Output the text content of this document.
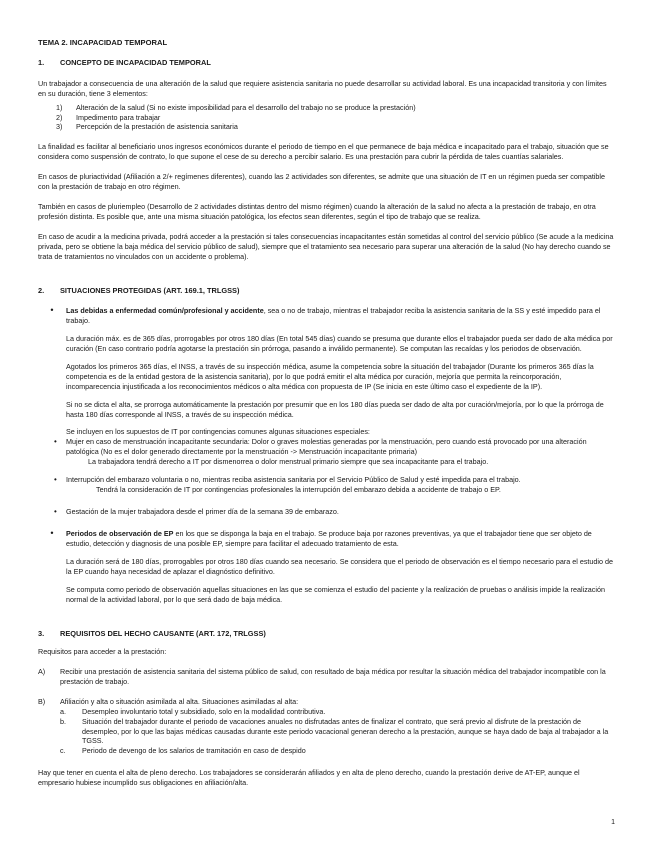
TEMA 2. INCAPACIDAD TEMPORAL

1.	CONCEPTO DE INCAPACIDAD TEMPORAL

Un trabajador a consecuencia de una alteración de la salud que requiere asistencia sanitaria no puede desarrollar su actividad laboral. Es una incapacidad transitoria y con límites en su duración, tiene 3 elementos:

1)	Alteración de la salud (Si no existe imposibilidad para el desarrollo del trabajo no se produce la prestación)
2)	Impedimento para trabajar
3)	Percepción de la prestación de asistencia sanitaria

La finalidad es facilitar al beneficiario unos ingresos económicos durante el periodo de tiempo en el que permanece de baja médica e incapacitado para el trabajo, situación que se considera como suspensión de contrato, lo que supone el cese de su derecho a percibir salario. Es una prestación para cubrir la pérdida de tales cuantías salariales.

En casos de pluriactividad (Afiliación a 2/+ regímenes diferentes), cuando las 2 actividades son diferentes, se admite que una situación de IT en un régimen pueda ser compatible con la prestación de trabajo en otro régimen.

También en casos de pluriempleo (Desarrollo de 2 actividades distintas dentro del mismo régimen) cuando la alteración de la salud no afecta a la prestación de trabajo, en otra profesión distinta. Es posible que, ante una misma situación patológica, los efectos sean diferentes, según el tipo de trabajo que se realiza.

En caso de acudir a la medicina privada, podrá acceder a la prestación si tales consecuencias incapacitantes están sometidas al control del servicio público (Se acude a la medicina privada, pero se obtiene la baja médica del servicio público de salud), siempre que el tratamiento sea necesario para superar una alteración de la salud (No hay derecho cuando se trata de tratamientos no vinculados con un accidente o problema).

2.	SITUACIONES PROTEGIDAS (ART. 169.1, TRLGSS)
•	Las debidas a enfermedad común/profesional y accidente, sea o no de trabajo, mientras el trabajador reciba la asistencia sanitaria de la SS y esté impedido para el trabajo.

La duración máx. es de 365 días, prorrogables por otros 180 días (En total 545 días) cuando se presuma que durante ellos el trabajador pueda ser dado de alta médica por curación (En caso contrario podría agotarse la prestación sin prórroga, pasando a inválido permanente). Se computan las recaídas y los periodos de observación.

Agotados los primeros 365 días, el INSS, a través de su inspección médica, asume la competencia sobre la situación del trabajador (Durante los primeros 365 días la competencia es de la entidad gestora de la asistencia sanitaria), por lo que podrá emitir el alta médica por curación, mejoría que permita la reincorporación, incomparecencia injustificada a los reconocimientos médicos o alta médica con propuesta de IP (Se inicia en este último caso el expediente de la IP).

Si no se dicta el alta, se prorroga automáticamente la prestación por presumir que en los 180 días pueda ser dado de alta por curación/mejoría, por lo que la prórroga de hasta 180 días corresponde al INSS, a través de su inspección médica.

Se incluyen en los supuestos de IT por contingencias comunes algunas situaciones especiales:

•	Mujer en caso de menstruación incapacitante secundaria: Dolor o graves molestias generadas por la menstruación, pero cuando está provocado por una alteración patológica (No es el dolor generado directamente por la menstruación -> Menstruación incapacitante primaria)

La trabajadora tendrá derecho a IT por dismenorrea o dolor menstrual primario siempre que sea incapacitante para el trabajo.

•	Interrupción del embarazo voluntaria o no, mientras reciba asistencia sanitaria por el Servicio Público de Salud y esté impedida para el trabajo.

Tendrá la consideración de IT por contingencias profesionales la interrupción del embarazo debida a accidente de trabajo o EP.

•	Gestación de la mujer trabajadora desde el primer día de la semana 39 de embarazo.
•	Periodos de observación de EP en los que se disponga la baja en el trabajo. Se produce baja por razones preventivas, ya que el trabajador tiene que ser objeto de estudio, detección y diagnosis de una posible EP, siempre para facilitar el adecuado tratamiento de esta.

La duración será de 180 días, prorrogables por otros 180 días cuando sea necesario. Se considera que el periodo de observación es el tiempo necesario para el estudio de la EP cuando haya necesidad de aplazar el diagnóstico definitivo.

Se computa como periodo de observación aquellas situaciones en las que se comienza el estudio del paciente y la realización de pruebas o análisis impide la realización normal de la actividad laboral, por lo que será dado de baja médica.

3.	REQUISITOS DEL HECHO CAUSANTE (ART. 172, TRLGSS)

Requisitos para acceder a la prestación:

A)	Recibir una prestación de asistencia sanitaria del sistema público de salud, con resultado de baja médica por resultar la situación médica del trabajador incompatible con la prestación de trabajo.
B)	Afiliación y alta o situación asimilada al alta. Situaciones asimiladas al alta:
a.	Desempleo involuntario total y subsidiado, solo en la modalidad contributiva.
b.	Situación del trabajador durante el periodo de vacaciones anuales no disfrutadas antes de finalizar el contrato, que será previo al disfrute de la prestación de desempleo, por lo que las bajas médicas causadas durante este periodo vacacional generan derecho a la prestación, aunque se haya dado de baja al trabajador a la TGSS.
c.	Periodo de devengo de los salarios de tramitación en caso de despido

Hay que tener en cuenta el alta de pleno derecho. Los trabajadores se considerarán afiliados y en alta de pleno derecho, cuando la prestación derive de AT-EP, aunque el empresario hubiese incumplido sus obligaciones en afiliación/alta.

1
